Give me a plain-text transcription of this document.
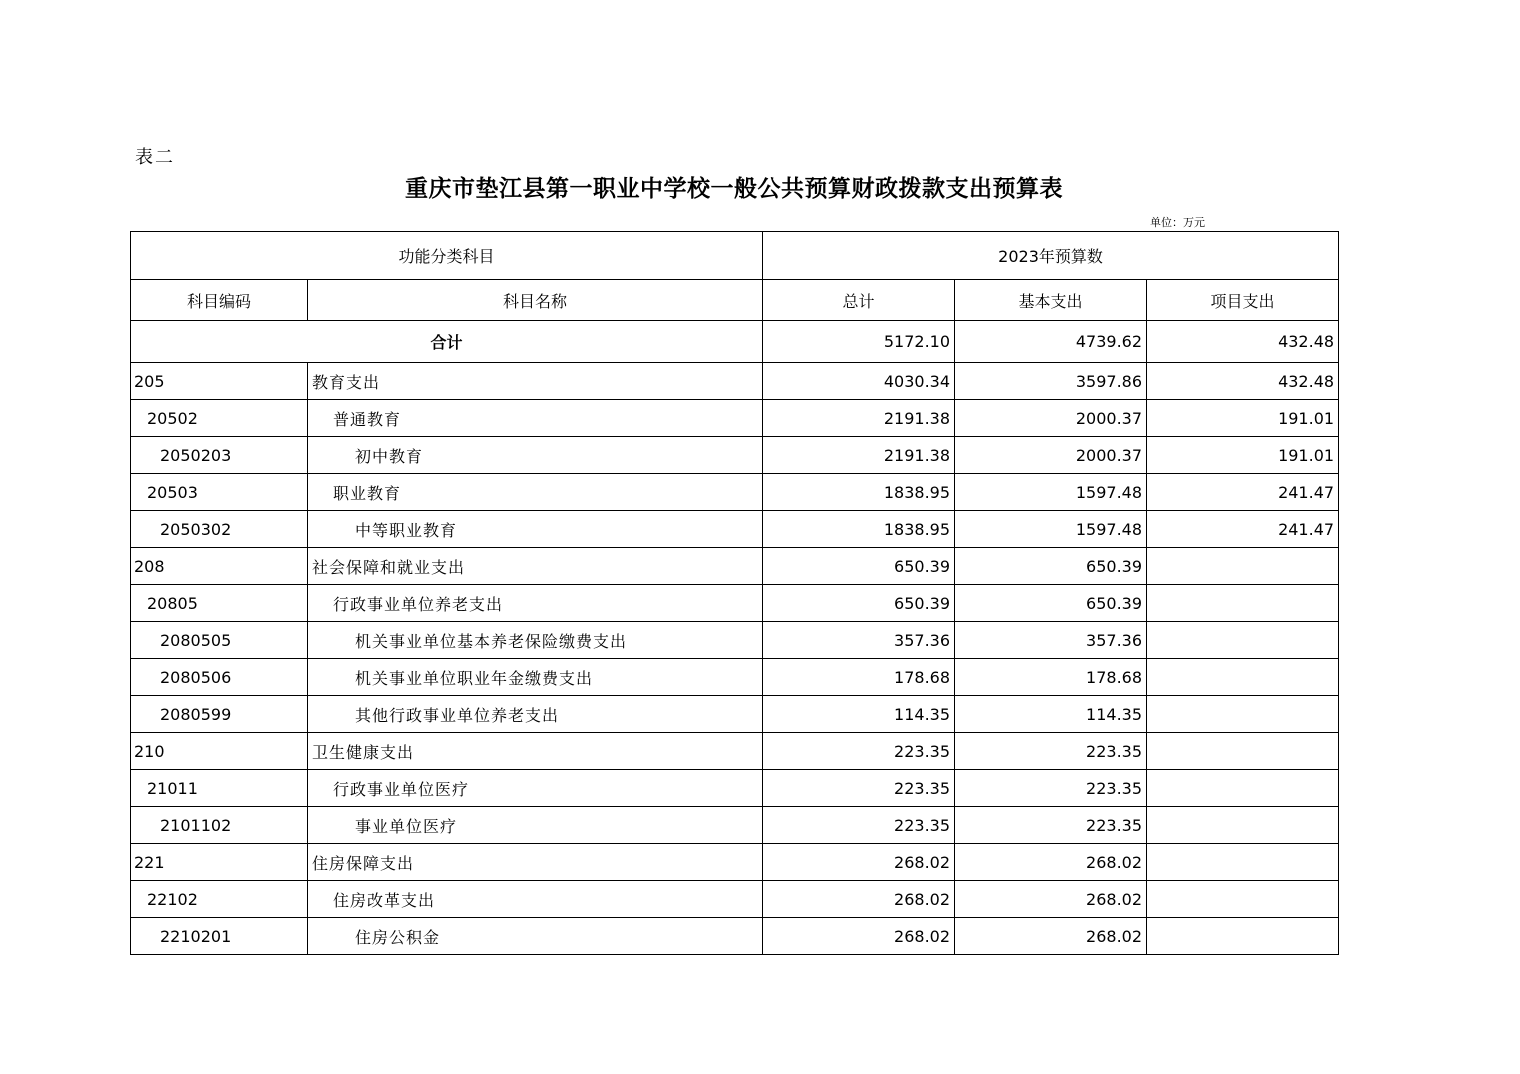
表二
重庆市垫江县第一职业中学校一般公共预算财政拨款支出预算表
单位：万元
功能分类科目		2023年预算数		
科目编码	科目名称	总计	基本支出	项目支出
合计		5172.10	4739.62	432.48
205	教育支出	4030.34	3597.86	432.48
20502	普通教育	2191.38	2000.37	191.01
2050203	初中教育	2191.38	2000.37	191.01
20503	职业教育	1838.95	1597.48	241.47
2050302	中等职业教育	1838.95	1597.48	241.47
208	社会保障和就业支出	650.39	650.39	
20805	行政事业单位养老支出	650.39	650.39	
2080505	机关事业单位基本养老保险缴费支出	357.36	357.36	
2080506	机关事业单位职业年金缴费支出	178.68	178.68	
2080599	其他行政事业单位养老支出	114.35	114.35	
210	卫生健康支出	223.35	223.35	
21011	行政事业单位医疗	223.35	223.35	
2101102	事业单位医疗	223.35	223.35	
221	住房保障支出	268.02	268.02	
22102	住房改革支出	268.02	268.02	
2210201	住房公积金	268.02	268.02	
